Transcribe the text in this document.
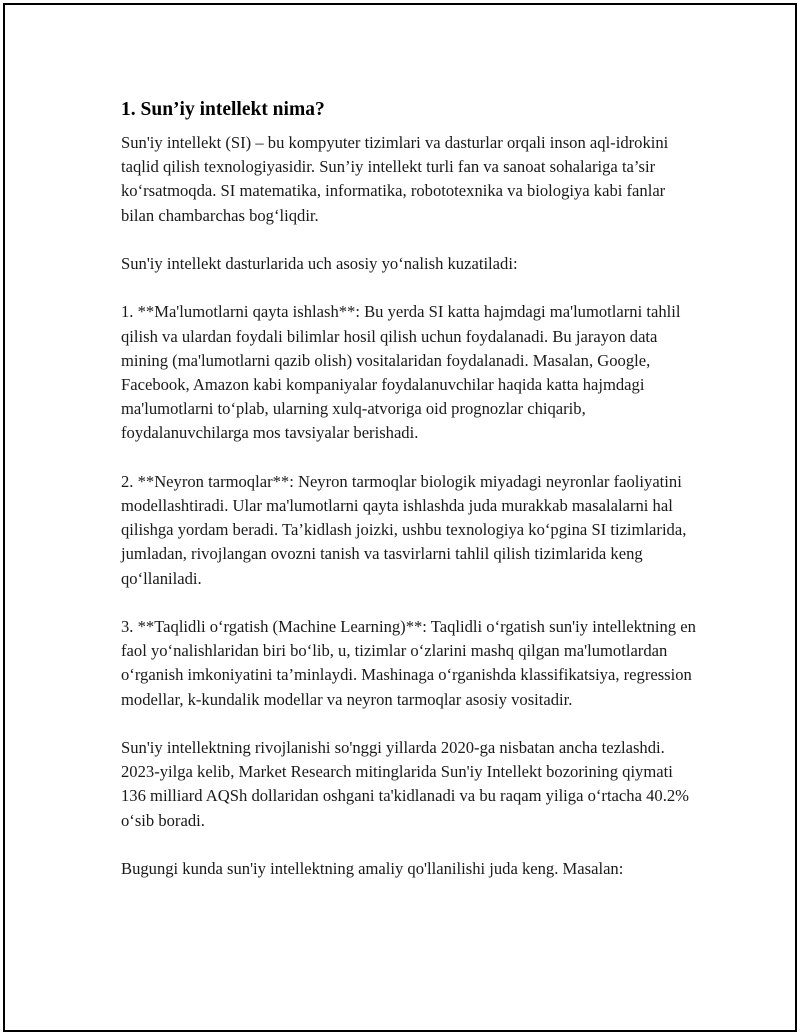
1. Sun’iy intellekt nima?

Sun'iy intellekt (SI) – bu kompyuter tizimlari va dasturlar orqali inson aql-idrokini taqlid qilish texnologiyasidir. Sun’iy intellekt turli fan va sanoat sohalariga ta’sir ko‘rsatmoqda. SI matematika, informatika, robototexnika va biologiya kabi fanlar bilan chambarchas bog‘liqdir.

Sun'iy intellekt dasturlarida uch asosiy yo‘nalish kuzatiladi:

1. **Ma'lumotlarni qayta ishlash**: Bu yerda SI katta hajmdagi ma'lumotlarni tahlil qilish va ulardan foydali bilimlar hosil qilish uchun foydalanadi. Bu jarayon data mining (ma'lumotlarni qazib olish) vositalaridan foydalanadi. Masalan, Google, Facebook, Amazon kabi kompaniyalar foydalanuvchilar haqida katta hajmdagi ma'lumotlarni to‘plab, ularning xulq-atvoriga oid prognozlar chiqarib, foydalanuvchilarga mos tavsiyalar berishadi.

2. **Neyron tarmoqlar**: Neyron tarmoqlar biologik miyadagi neyronlar faoliyatini modellashtiradi. Ular ma'lumotlarni qayta ishlashda juda murakkab masalalarni hal qilishga yordam beradi. Ta’kidlash joizki, ushbu texnologiya ko‘pgina SI tizimlarida, jumladan, rivojlangan ovozni tanish va tasvirlarni tahlil qilish tizimlarida keng qo‘llaniladi.

3. **Taqlidli o‘rgatish (Machine Learning)**: Taqlidli o‘rgatish sun'iy intellektning en faol yo‘nalishlaridan biri bo‘lib, u, tizimlar o‘zlarini mashq qilgan ma'lumotlardan o‘rganish imkoniyatini ta’minlaydi. Mashinaga o‘rganishda klassifikatsiya, regression modellar, k-kundalik modellar va neyron tarmoqlar asosiy vositadir.

Sun'iy intellektning rivojlanishi so'nggi yillarda 2020-ga nisbatan ancha tezlashdi. 2023-yilga kelib, Market Research mitinglarida Sun'iy Intellekt bozorining qiymati 136 milliard AQSh dollaridan oshgani ta'kidlanadi va bu raqam yiliga o‘rtacha 40.2% o‘sib boradi.

Bugungi kunda sun'iy intellektning amaliy qo'llanilishi juda keng. Masalan:
